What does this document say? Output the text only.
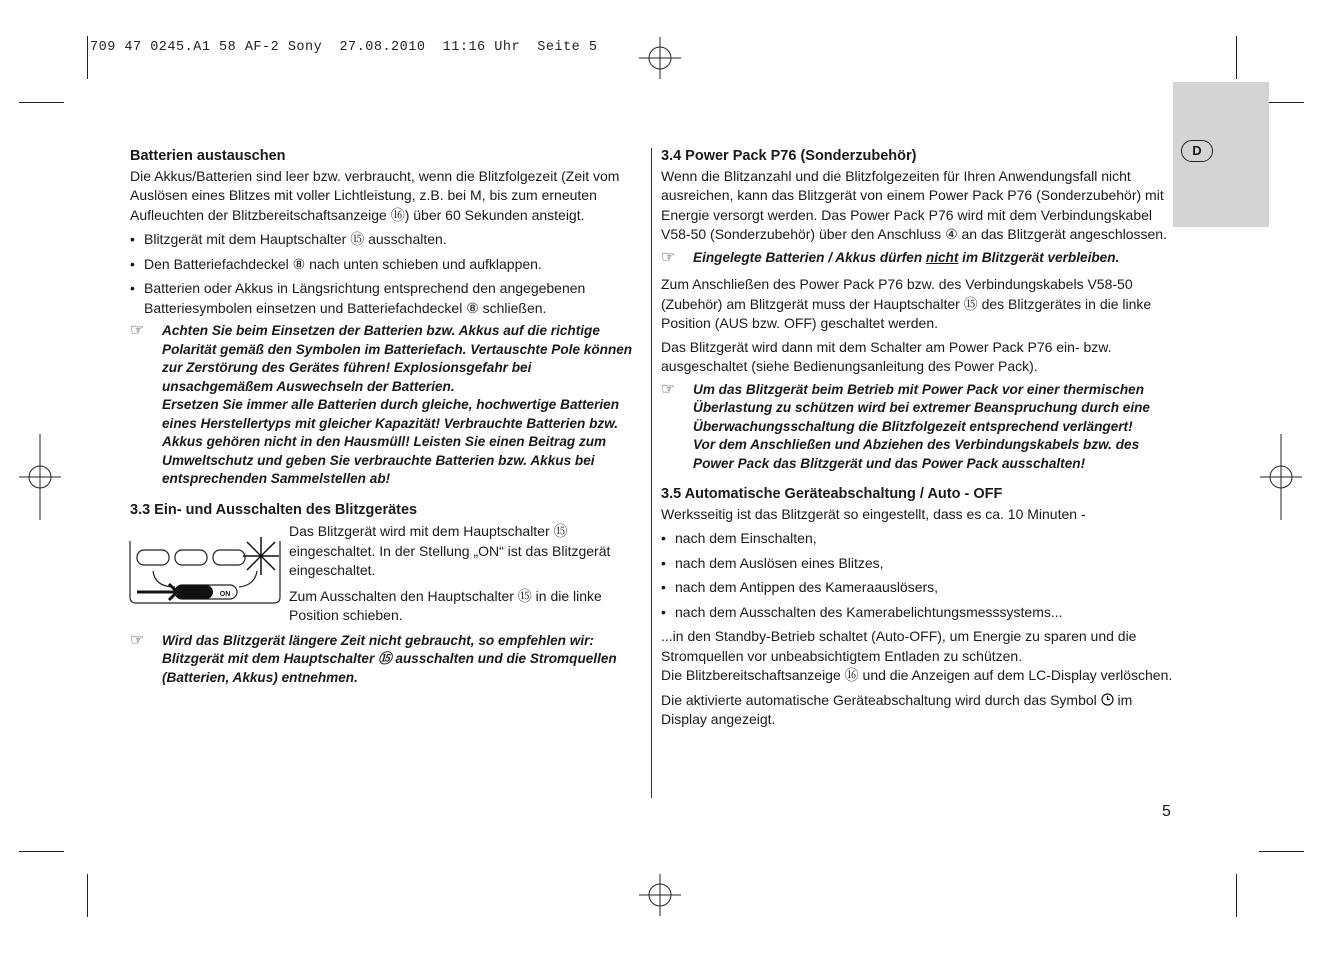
709 47 0245.A1 58 AF-2 Sony  27.08.2010  11:16 Uhr  Seite 5
D

Batterien austauschen

Die Akkus/Batterien sind leer bzw. verbraucht, wenn die Blitzfolgezeit (Zeit vom Auslösen eines Blitzes mit voller Lichtleistung, z.B. bei M, bis zum erneuten Aufleuchten der Blitzbereitschaftsanzeige ⑯) über 60 Sekunden ansteigt.

• Blitzgerät mit dem Hauptschalter ⑮ ausschalten.
• Den Batteriefachdeckel ⑧ nach unten schieben und aufklappen.
• Batterien oder Akkus in Längsrichtung entsprechend den angegebenen Batteriesymbolen einsetzen und Batteriefachdeckel ⑧ schließen.
☞	Achten Sie beim Einsetzen der Batterien bzw. Akkus auf die richtige Polarität gemäß den Symbolen im Batteriefach. Vertauschte Pole können zur Zerstörung des Gerätes führen! Explosionsgefahr bei unsachgemäßem Auswechseln der Batterien.
Ersetzen Sie immer alle Batterien durch gleiche, hochwertige Batterien eines Herstellertyps mit gleicher Kapazität! Verbrauchte Batterien bzw. Akkus gehören nicht in den Hausmüll! Leisten Sie einen Beitrag zum Umweltschutz und geben Sie verbrauchte Batterien bzw. Akkus bei entsprechenden Sammelstellen ab!

3.3 Ein- und Ausschalten des Blitzgerätes

Das Blitzgerät wird mit dem Hauptschalter ⑮ eingeschaltet. In der Stellung „ON“ ist das Blitzgerät eingeschaltet.

Zum Ausschalten den Hauptschalter ⑮ in die linke Position schieben.

☞	Wird das Blitzgerät längere Zeit nicht gebraucht, so empfehlen wir: Blitzgerät mit dem Hauptschalter ⑮ ausschalten und die Stromquellen (Batterien, Akkus) entnehmen.
ON

3.4 Power Pack P76 (Sonderzubehör)

Wenn die Blitzanzahl und die Blitzfolgezeiten für Ihren Anwendungsfall nicht ausreichen, kann das Blitzgerät von einem Power Pack P76 (Sonderzubehör) mit Energie versorgt werden. Das Power Pack P76 wird mit dem Verbindungskabel V58-50 (Sonderzubehör) über den Anschluss ④ an das Blitzgerät angeschlossen.

☞	Eingelegte Batterien / Akkus dürfen nicht im Blitzgerät verbleiben.

Zum Anschließen des Power Pack P76 bzw. des Verbindungskabels V58-50 (Zubehör) am Blitzgerät muss der Hauptschalter ⑮ des Blitzgerätes in die linke Position (AUS bzw. OFF) geschaltet werden.

Das Blitzgerät wird dann mit dem Schalter am Power Pack P76 ein- bzw. ausgeschaltet (siehe Bedienungsanleitung des Power Pack).

☞	Um das Blitzgerät beim Betrieb mit Power Pack vor einer thermischen Überlastung zu schützen wird bei extremer Beanspruchung durch eine Überwachungsschaltung die Blitzfolgezeit entsprechend verlängert!
Vor dem Anschließen und Abziehen des Verbindungskabels bzw. des Power Pack das Blitzgerät und das Power Pack ausschalten!

3.5 Automatische Geräteabschaltung / Auto - OFF

Werksseitig ist das Blitzgerät so eingestellt, dass es ca. 10 Minuten -

• nach dem Einschalten,
• nach dem Auslösen eines Blitzes,
• nach dem Antippen des Kameraauslösers,
• nach dem Ausschalten des Kamerabelichtungsmesssystems...

...in den Standby-Betrieb schaltet (Auto-OFF), um Energie zu sparen und die Stromquellen vor unbeabsichtigtem Entladen zu schützen.

Die Blitzbereitschaftsanzeige ⑯ und die Anzeigen auf dem LC-Display verlöschen.

Die aktivierte automatische Geräteabschaltung wird durch das Symbol  im Display angezeigt.

5
